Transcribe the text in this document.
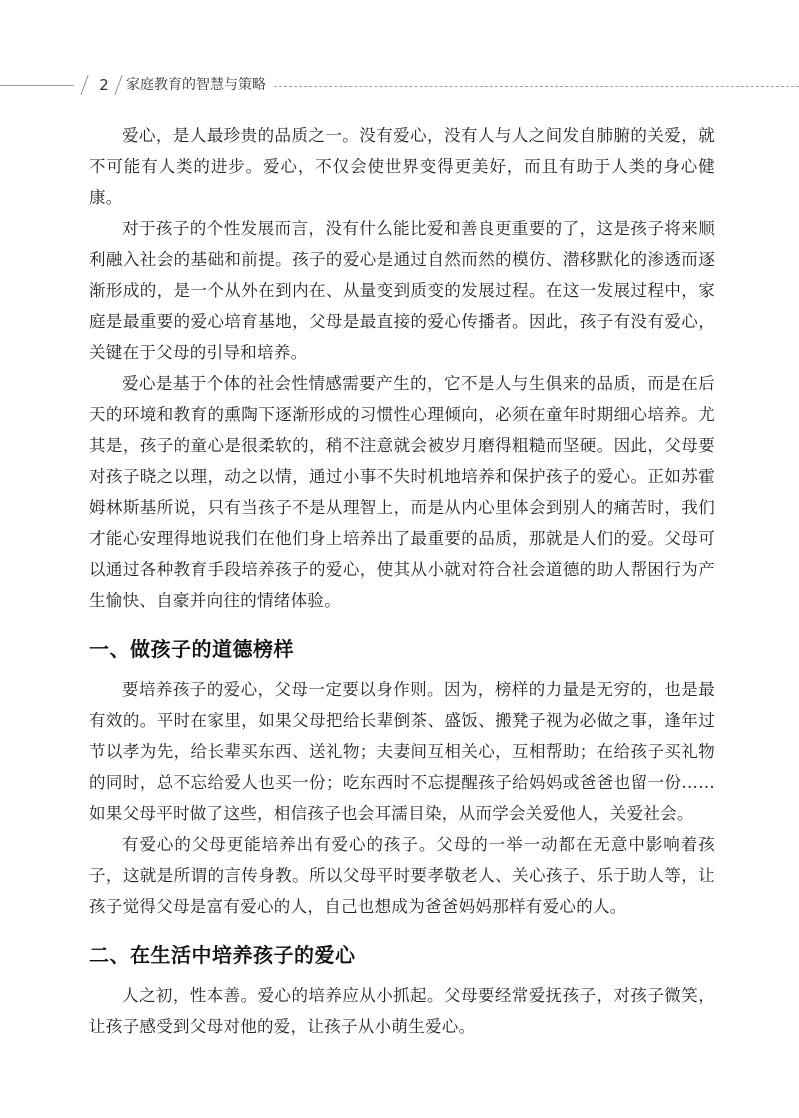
2	家庭教育的智慧与策略

爱心，是人最珍贵的品质之一。没有爱心，没有人与人之间发自肺腑的关爱，就不可能有人类的进步。爱心，不仅会使世界变得更美好，而且有助于人类的身心健康。

对于孩子的个性发展而言，没有什么能比爱和善良更重要的了，这是孩子将来顺利融入社会的基础和前提。孩子的爱心是通过自然而然的模仿、潜移默化的渗透而逐渐形成的，是一个从外在到内在、从量变到质变的发展过程。在这一发展过程中，家庭是最重要的爱心培育基地，父母是最直接的爱心传播者。因此，孩子有没有爱心，关键在于父母的引导和培养。

爱心是基于个体的社会性情感需要产生的，它不是人与生俱来的品质，而是在后天的环境和教育的熏陶下逐渐形成的习惯性心理倾向，必须在童年时期细心培养。尤其是，孩子的童心是很柔软的，稍不注意就会被岁月磨得粗糙而坚硬。因此，父母要对孩子晓之以理，动之以情，通过小事不失时机地培养和保护孩子的爱心。正如苏霍姆林斯基所说，只有当孩子不是从理智上，而是从内心里体会到别人的痛苦时，我们才能心安理得地说我们在他们身上培养出了最重要的品质，那就是人们的爱。父母可以通过各种教育手段培养孩子的爱心，使其从小就对符合社会道德的助人帮困行为产生愉快、自豪并向往的情绪体验。

一、做孩子的道德榜样

要培养孩子的爱心，父母一定要以身作则。因为，榜样的力量是无穷的，也是最有效的。平时在家里，如果父母把给长辈倒茶、盛饭、搬凳子视为必做之事，逢年过节以孝为先，给长辈买东西、送礼物；夫妻间互相关心，互相帮助；在给孩子买礼物的同时，总不忘给爱人也买一份；吃东西时不忘提醒孩子给妈妈或爸爸也留一份……如果父母平时做了这些，相信孩子也会耳濡目染，从而学会关爱他人，关爱社会。

有爱心的父母更能培养出有爱心的孩子。父母的一举一动都在无意中影响着孩子，这就是所谓的言传身教。所以父母平时要孝敬老人、关心孩子、乐于助人等，让孩子觉得父母是富有爱心的人，自己也想成为爸爸妈妈那样有爱心的人。

二、在生活中培养孩子的爱心

人之初，性本善。爱心的培养应从小抓起。父母要经常爱抚孩子，对孩子微笑，让孩子感受到父母对他的爱，让孩子从小萌生爱心。
